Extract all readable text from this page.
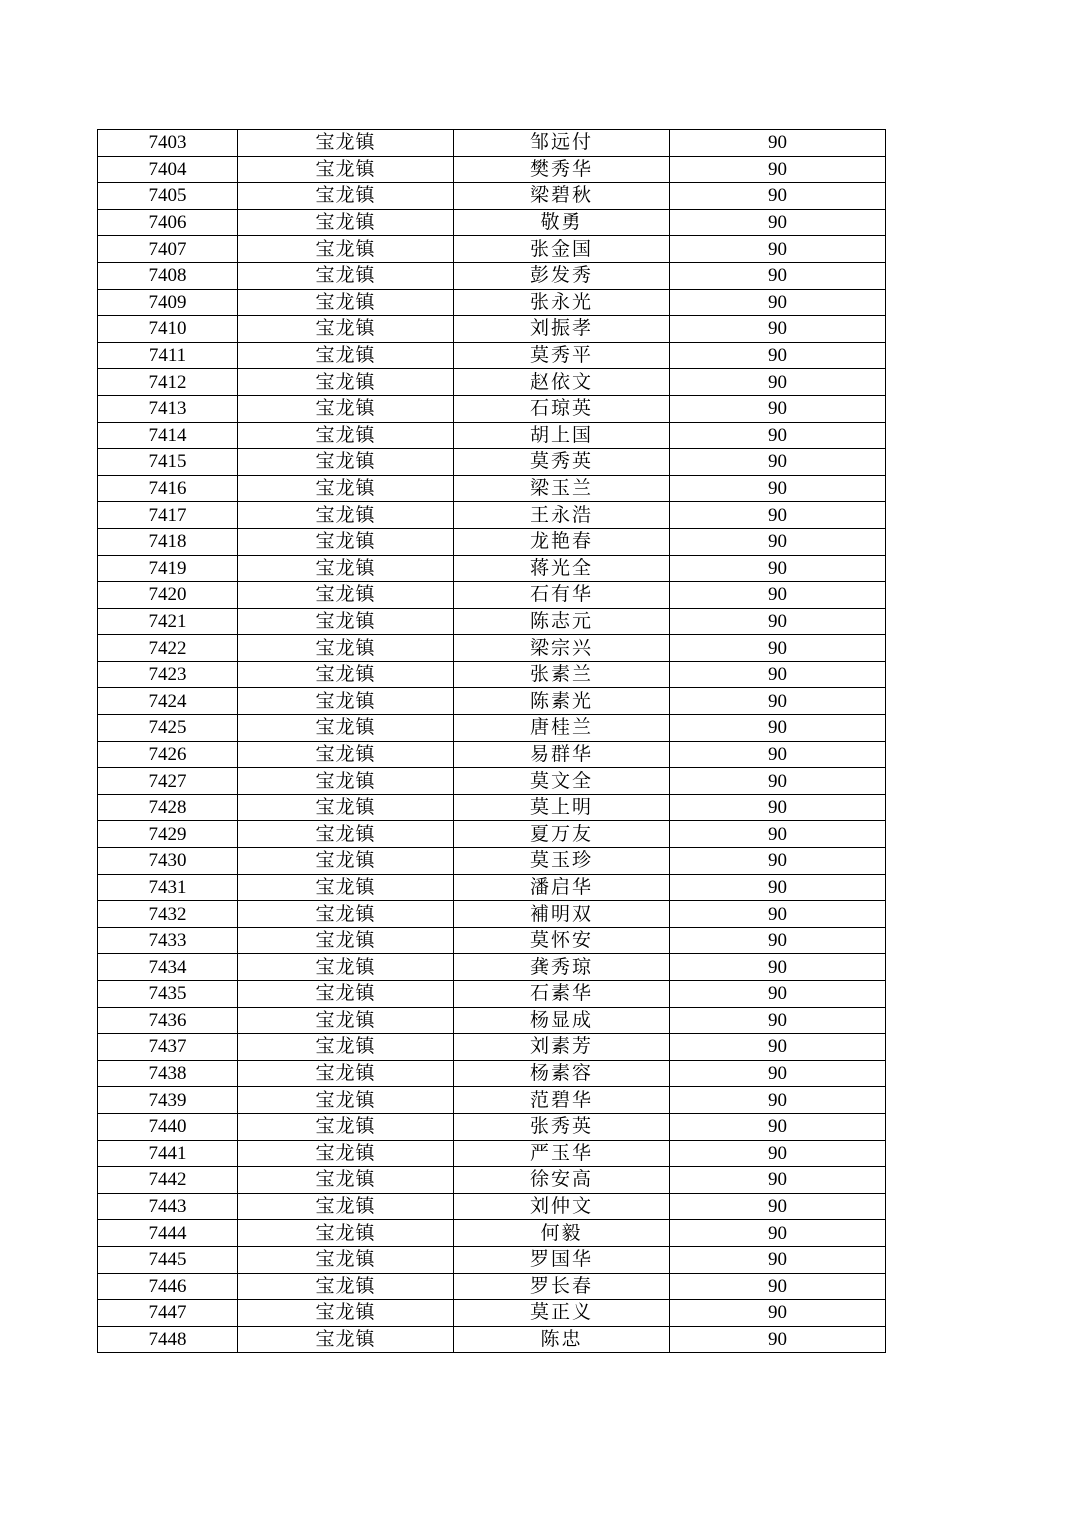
7403	宝龙镇	邹远付	90
7404	宝龙镇	樊秀华	90
7405	宝龙镇	梁碧秋	90
7406	宝龙镇	敬勇	90
7407	宝龙镇	张金国	90
7408	宝龙镇	彭发秀	90
7409	宝龙镇	张永光	90
7410	宝龙镇	刘振孝	90
7411	宝龙镇	莫秀平	90
7412	宝龙镇	赵依文	90
7413	宝龙镇	石琼英	90
7414	宝龙镇	胡上国	90
7415	宝龙镇	莫秀英	90
7416	宝龙镇	梁玉兰	90
7417	宝龙镇	王永浩	90
7418	宝龙镇	龙艳春	90
7419	宝龙镇	蒋光全	90
7420	宝龙镇	石有华	90
7421	宝龙镇	陈志元	90
7422	宝龙镇	梁宗兴	90
7423	宝龙镇	张素兰	90
7424	宝龙镇	陈素光	90
7425	宝龙镇	唐桂兰	90
7426	宝龙镇	易群华	90
7427	宝龙镇	莫文全	90
7428	宝龙镇	莫上明	90
7429	宝龙镇	夏万友	90
7430	宝龙镇	莫玉珍	90
7431	宝龙镇	潘启华	90
7432	宝龙镇	補明双	90
7433	宝龙镇	莫怀安	90
7434	宝龙镇	龚秀琼	90
7435	宝龙镇	石素华	90
7436	宝龙镇	杨显成	90
7437	宝龙镇	刘素芳	90
7438	宝龙镇	杨素容	90
7439	宝龙镇	范碧华	90
7440	宝龙镇	张秀英	90
7441	宝龙镇	严玉华	90
7442	宝龙镇	徐安高	90
7443	宝龙镇	刘仲文	90
7444	宝龙镇	何毅	90
7445	宝龙镇	罗国华	90
7446	宝龙镇	罗长春	90
7447	宝龙镇	莫正义	90
7448	宝龙镇	陈忠	90
